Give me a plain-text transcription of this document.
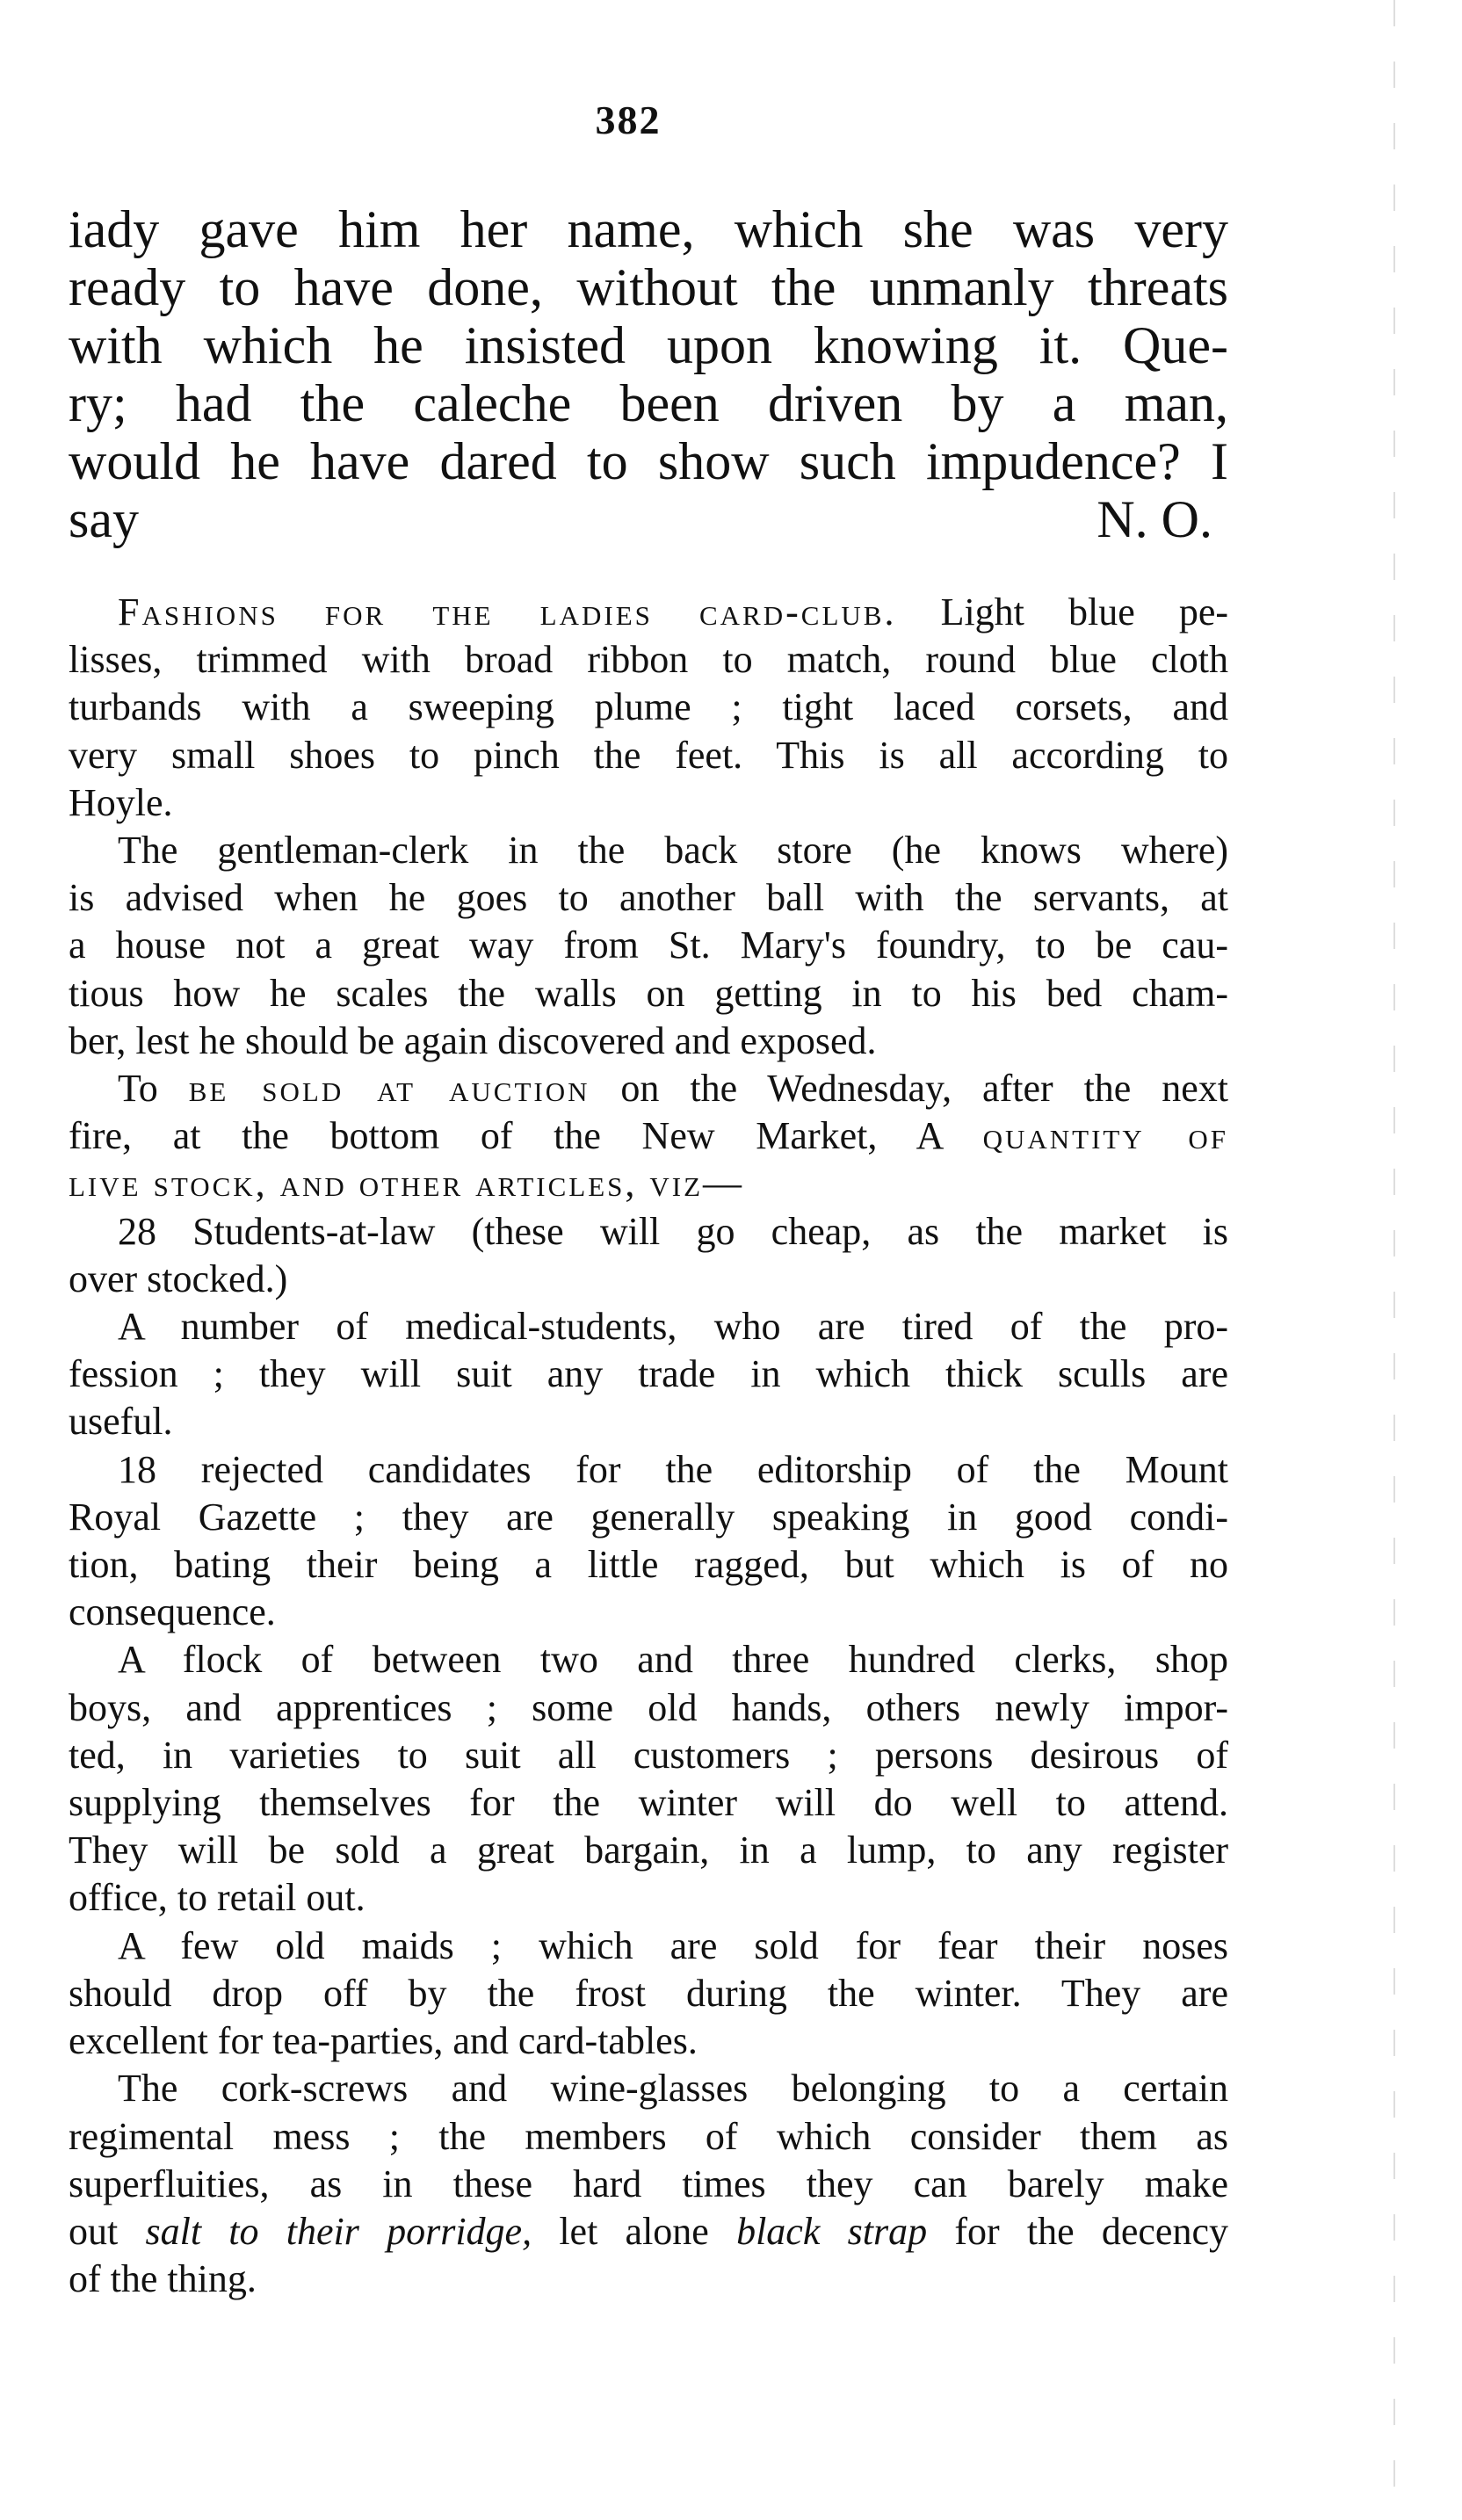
382
iady gave him her name, which she was very
ready to have done, without the unmanly threats
with which he insisted upon knowing it. Que-
ry; had the caleche been driven by a man,
would he have dared to show such impudence? I
say	N. O.
Fashions for the ladies card-club. Light blue pe-
lisses, trimmed with broad ribbon to match, round blue cloth
turbands with a sweeping plume ; tight laced corsets, and
very small shoes to pinch the feet. This is all according to
Hoyle.
The gentleman-clerk in the back store (he knows where)
is advised when he goes to another ball with the servants, at
a house not a great way from St. Mary's foundry, to be cau-
tious how he scales the walls on getting in to his bed cham-
ber, lest he should be again discovered and exposed.
To be sold at auction on the Wednesday, after the next
fire, at the bottom of the New Market, A quantity of
live stock, and other articles, viz—
28 Students-at-law (these will go cheap, as the market is
over stocked.)
A number of medical-students, who are tired of the pro-
fession ; they will suit any trade in which thick sculls are
useful.
18 rejected candidates for the editorship of the Mount
Royal Gazette ; they are generally speaking in good condi-
tion, bating their being a little ragged, but which is of no
consequence.
A flock of between two and three hundred clerks, shop
boys, and apprentices ; some old hands, others newly impor-
ted, in varieties to suit all customers ; persons desirous of
supplying themselves for the winter will do well to attend.
They will be sold a great bargain, in a lump, to any register
office, to retail out.
A few old maids ; which are sold for fear their noses
should drop off by the frost during the winter. They are
excellent for tea-parties, and card-tables.
The cork-screws and wine-glasses belonging to a certain
regimental mess ; the members of which consider them as
superfluities, as in these hard times they can barely make
out salt to their porridge, let alone black strap for the decency
of the thing.
